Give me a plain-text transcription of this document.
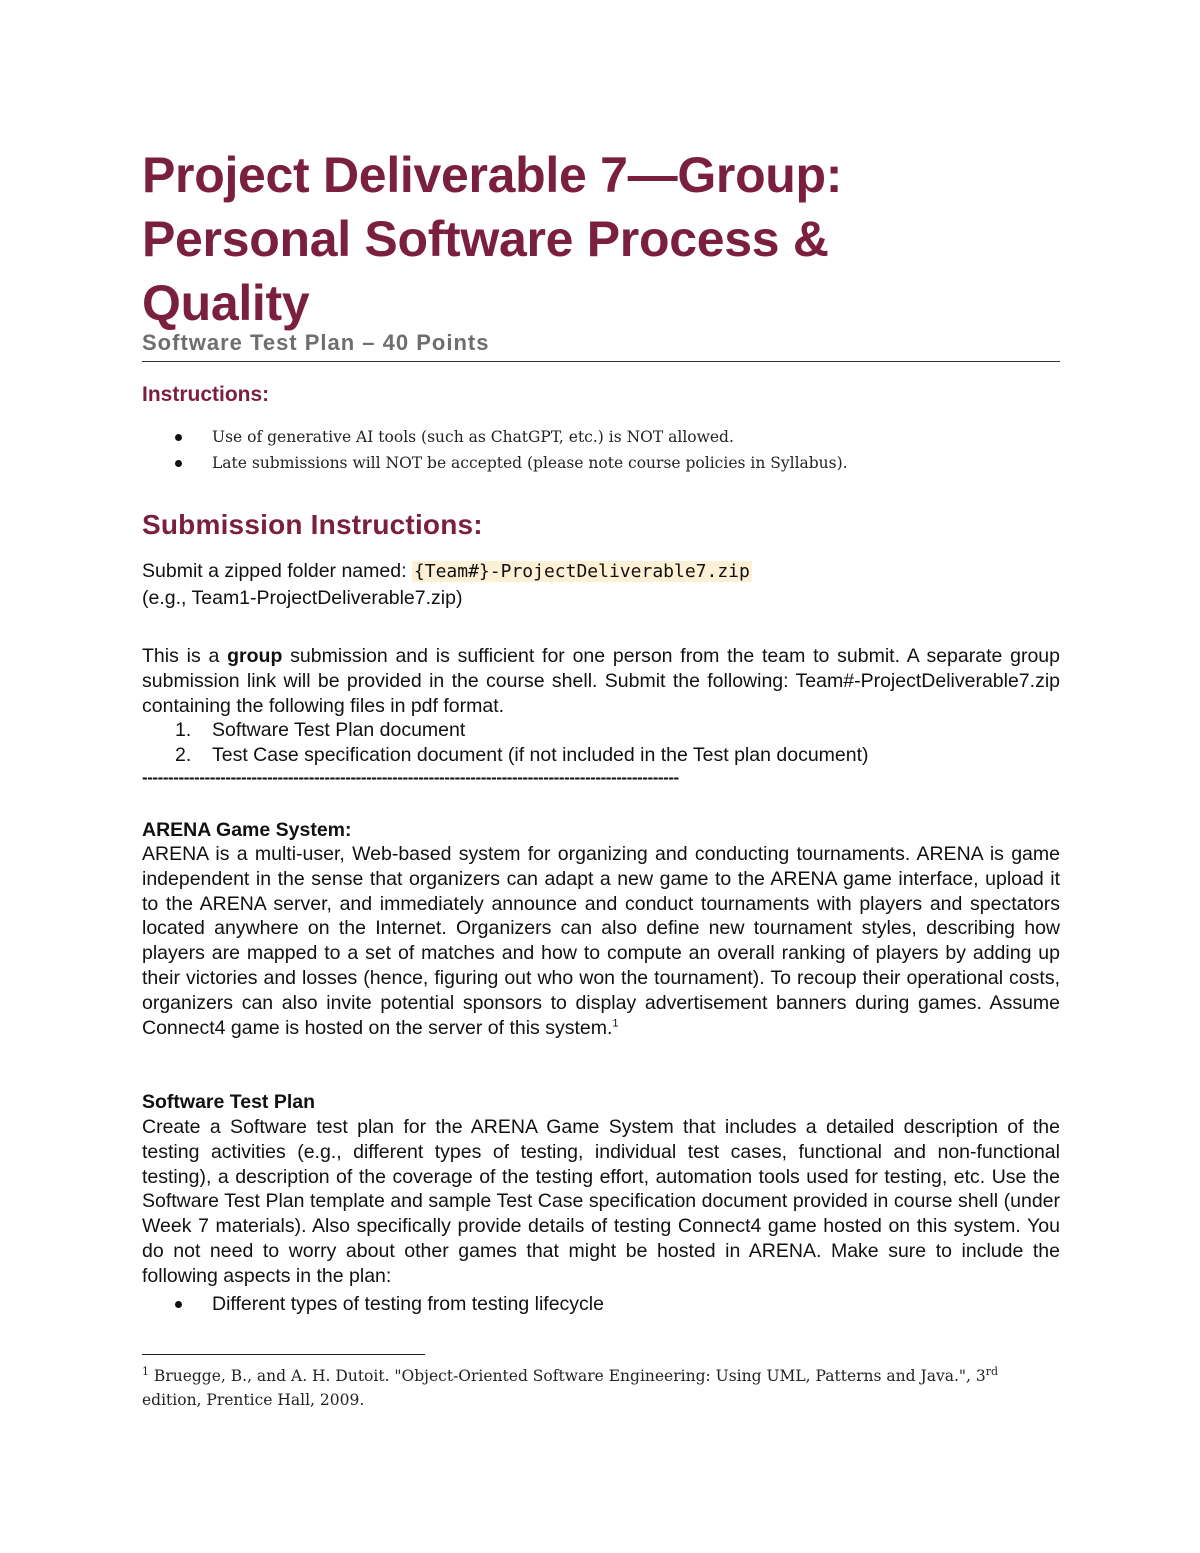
Project Deliverable 7—Group:
Personal Software Process &
Quality
Software Test Plan – 40 Points
Instructions:
Use of generative AI tools (such as ChatGPT, etc.) is NOT allowed.
Late submissions will NOT be accepted (please note course policies in Syllabus).
Submission Instructions:

Submit a zipped folder named: {Team#}-ProjectDeliverable7.zip

(e.g., Team1-ProjectDeliverable7.zip)

This is a group submission and is sufficient for one person from the team to submit. A separate group submission link will be provided in the course shell. Submit the following: Team#-ProjectDeliverable7.zip containing the following files in pdf format.

1. Software Test Plan document
2. Test Case specification document (if not included in the Test plan document)
-------------------------------------------------------------------------------------------------------

ARENA Game System:

ARENA is a multi-user, Web-based system for organizing and conducting tournaments. ARENA is game independent in the sense that organizers can adapt a new game to the ARENA game interface, upload it to the ARENA server, and immediately announce and conduct tournaments with players and spectators located anywhere on the Internet. Organizers can also define new tournament styles, describing how players are mapped to a set of matches and how to compute an overall ranking of players by adding up their victories and losses (hence, figuring out who won the tournament). To recoup their operational costs, organizers can also invite potential sponsors to display advertisement banners during games. Assume Connect4 game is hosted on the server of this system.$^1$

Software Test Plan

Create a Software test plan for the ARENA Game System that includes a detailed description of the testing activities (e.g., different types of testing, individual test cases, functional and non-functional testing), a description of the coverage of the testing effort, automation tools used for testing, etc. Use the Software Test Plan template and sample Test Case specification document provided in course shell (under Week 7 materials). Also specifically provide details of testing Connect4 game hosted on this system. You do not need to worry about other games that might be hosted in ARENA. Make sure to include the following aspects in the plan:

Different types of testing from testing lifecycle

$^1$ Bruegge, B., and A. H. Dutoit. "Object-Oriented Software Engineering: Using UML, Patterns and Java.", 3rd edition, Prentice Hall, 2009.
